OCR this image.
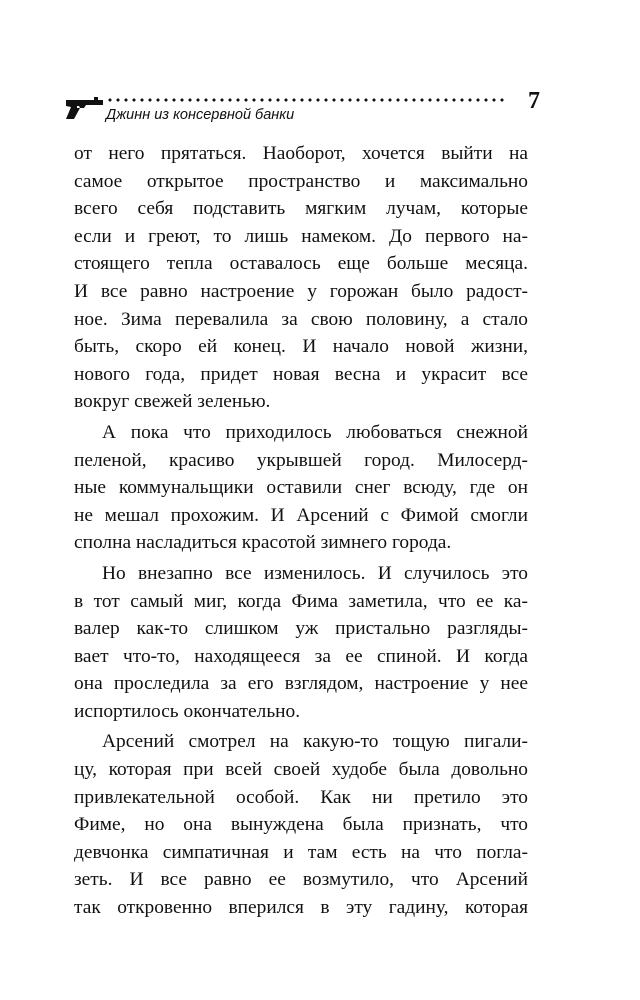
Джинн из консервной банки
7
от него прятаться. Наоборот, хочется выйти на
самое открытое пространство и максимально
всего себя подставить мягким лучам, которые
если и греют, то лишь намеком. До первого на-
стоящего тепла оставалось еще больше месяца.
И все равно настроение у горожан было радост-
ное. Зима перевалила за свою половину, а стало
быть, скоро ей конец. И начало новой жизни,
нового года, придет новая весна и украсит все
вокруг свежей зеленью.
А пока что приходилось любоваться снежной
пеленой, красиво укрывшей город. Милосерд-
ные коммунальщики оставили снег всюду, где он
не мешал прохожим. И Арсений с Фимой смогли
сполна насладиться красотой зимнего города.
Но внезапно все изменилось. И случилось это
в тот самый миг, когда Фима заметила, что ее ка-
валер как-то слишком уж пристально разгляды-
вает что-то, находящееся за ее спиной. И когда
она проследила за его взглядом, настроение у нее
испортилось окончательно.
Арсений смотрел на какую-то тощую пигали-
цу, которая при всей своей худобе была довольно
привлекательной особой. Как ни претило это
Фиме, но она вынуждена была признать, что
девчонка симпатичная и там есть на что погла-
зеть. И все равно ее возмутило, что Арсений
так откровенно вперился в эту гадину, которая
